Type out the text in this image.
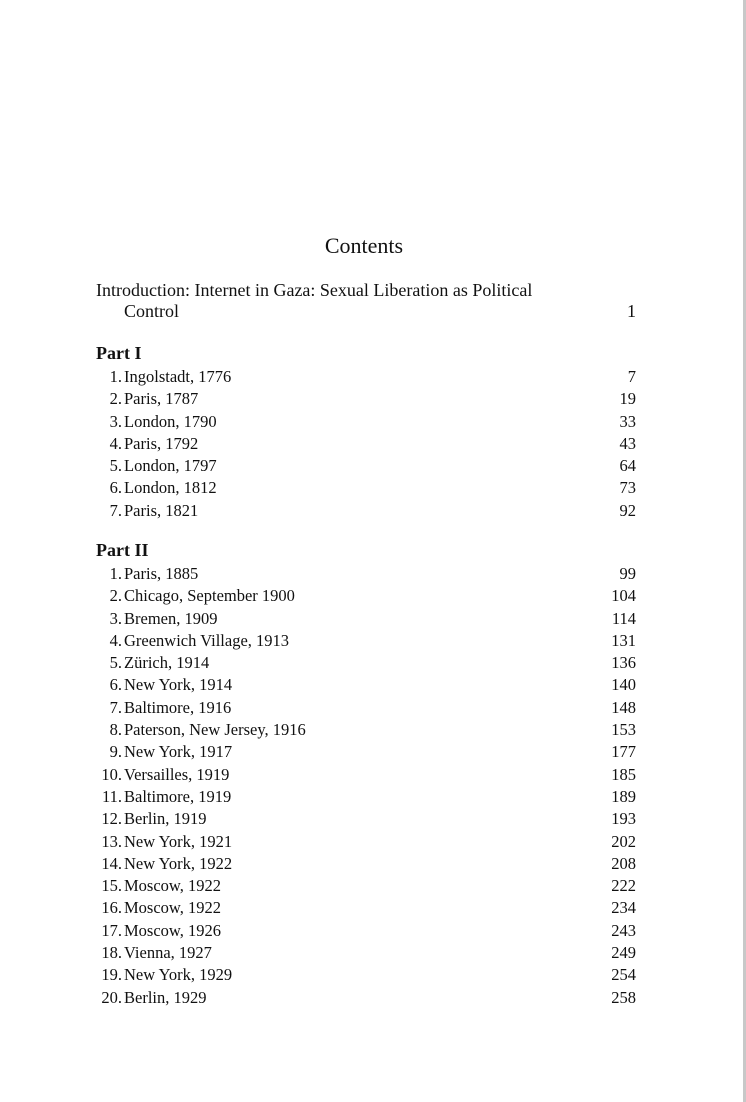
Contents
Introduction: Internet in Gaza: Sexual Liberation as Political
Control	1
Part I
1. Ingolstadt, 1776	7
2. Paris, 1787	19
3. London, 1790	33
4. Paris, 1792	43
5. London, 1797	64
6. London, 1812	73
7. Paris, 1821	92
Part II
1. Paris, 1885	99
2. Chicago, September 1900	104
3. Bremen, 1909	114
4. Greenwich Village, 1913	131
5. Zürich, 1914	136
6. New York, 1914	140
7. Baltimore, 1916	148
8. Paterson, New Jersey, 1916	153
9. New York, 1917	177
10. Versailles, 1919	185
11. Baltimore, 1919	189
12. Berlin, 1919	193
13. New York, 1921	202
14. New York, 1922	208
15. Moscow, 1922	222
16. Moscow, 1922	234
17. Moscow, 1926	243
18. Vienna, 1927	249
19. New York, 1929	254
20. Berlin, 1929	258
